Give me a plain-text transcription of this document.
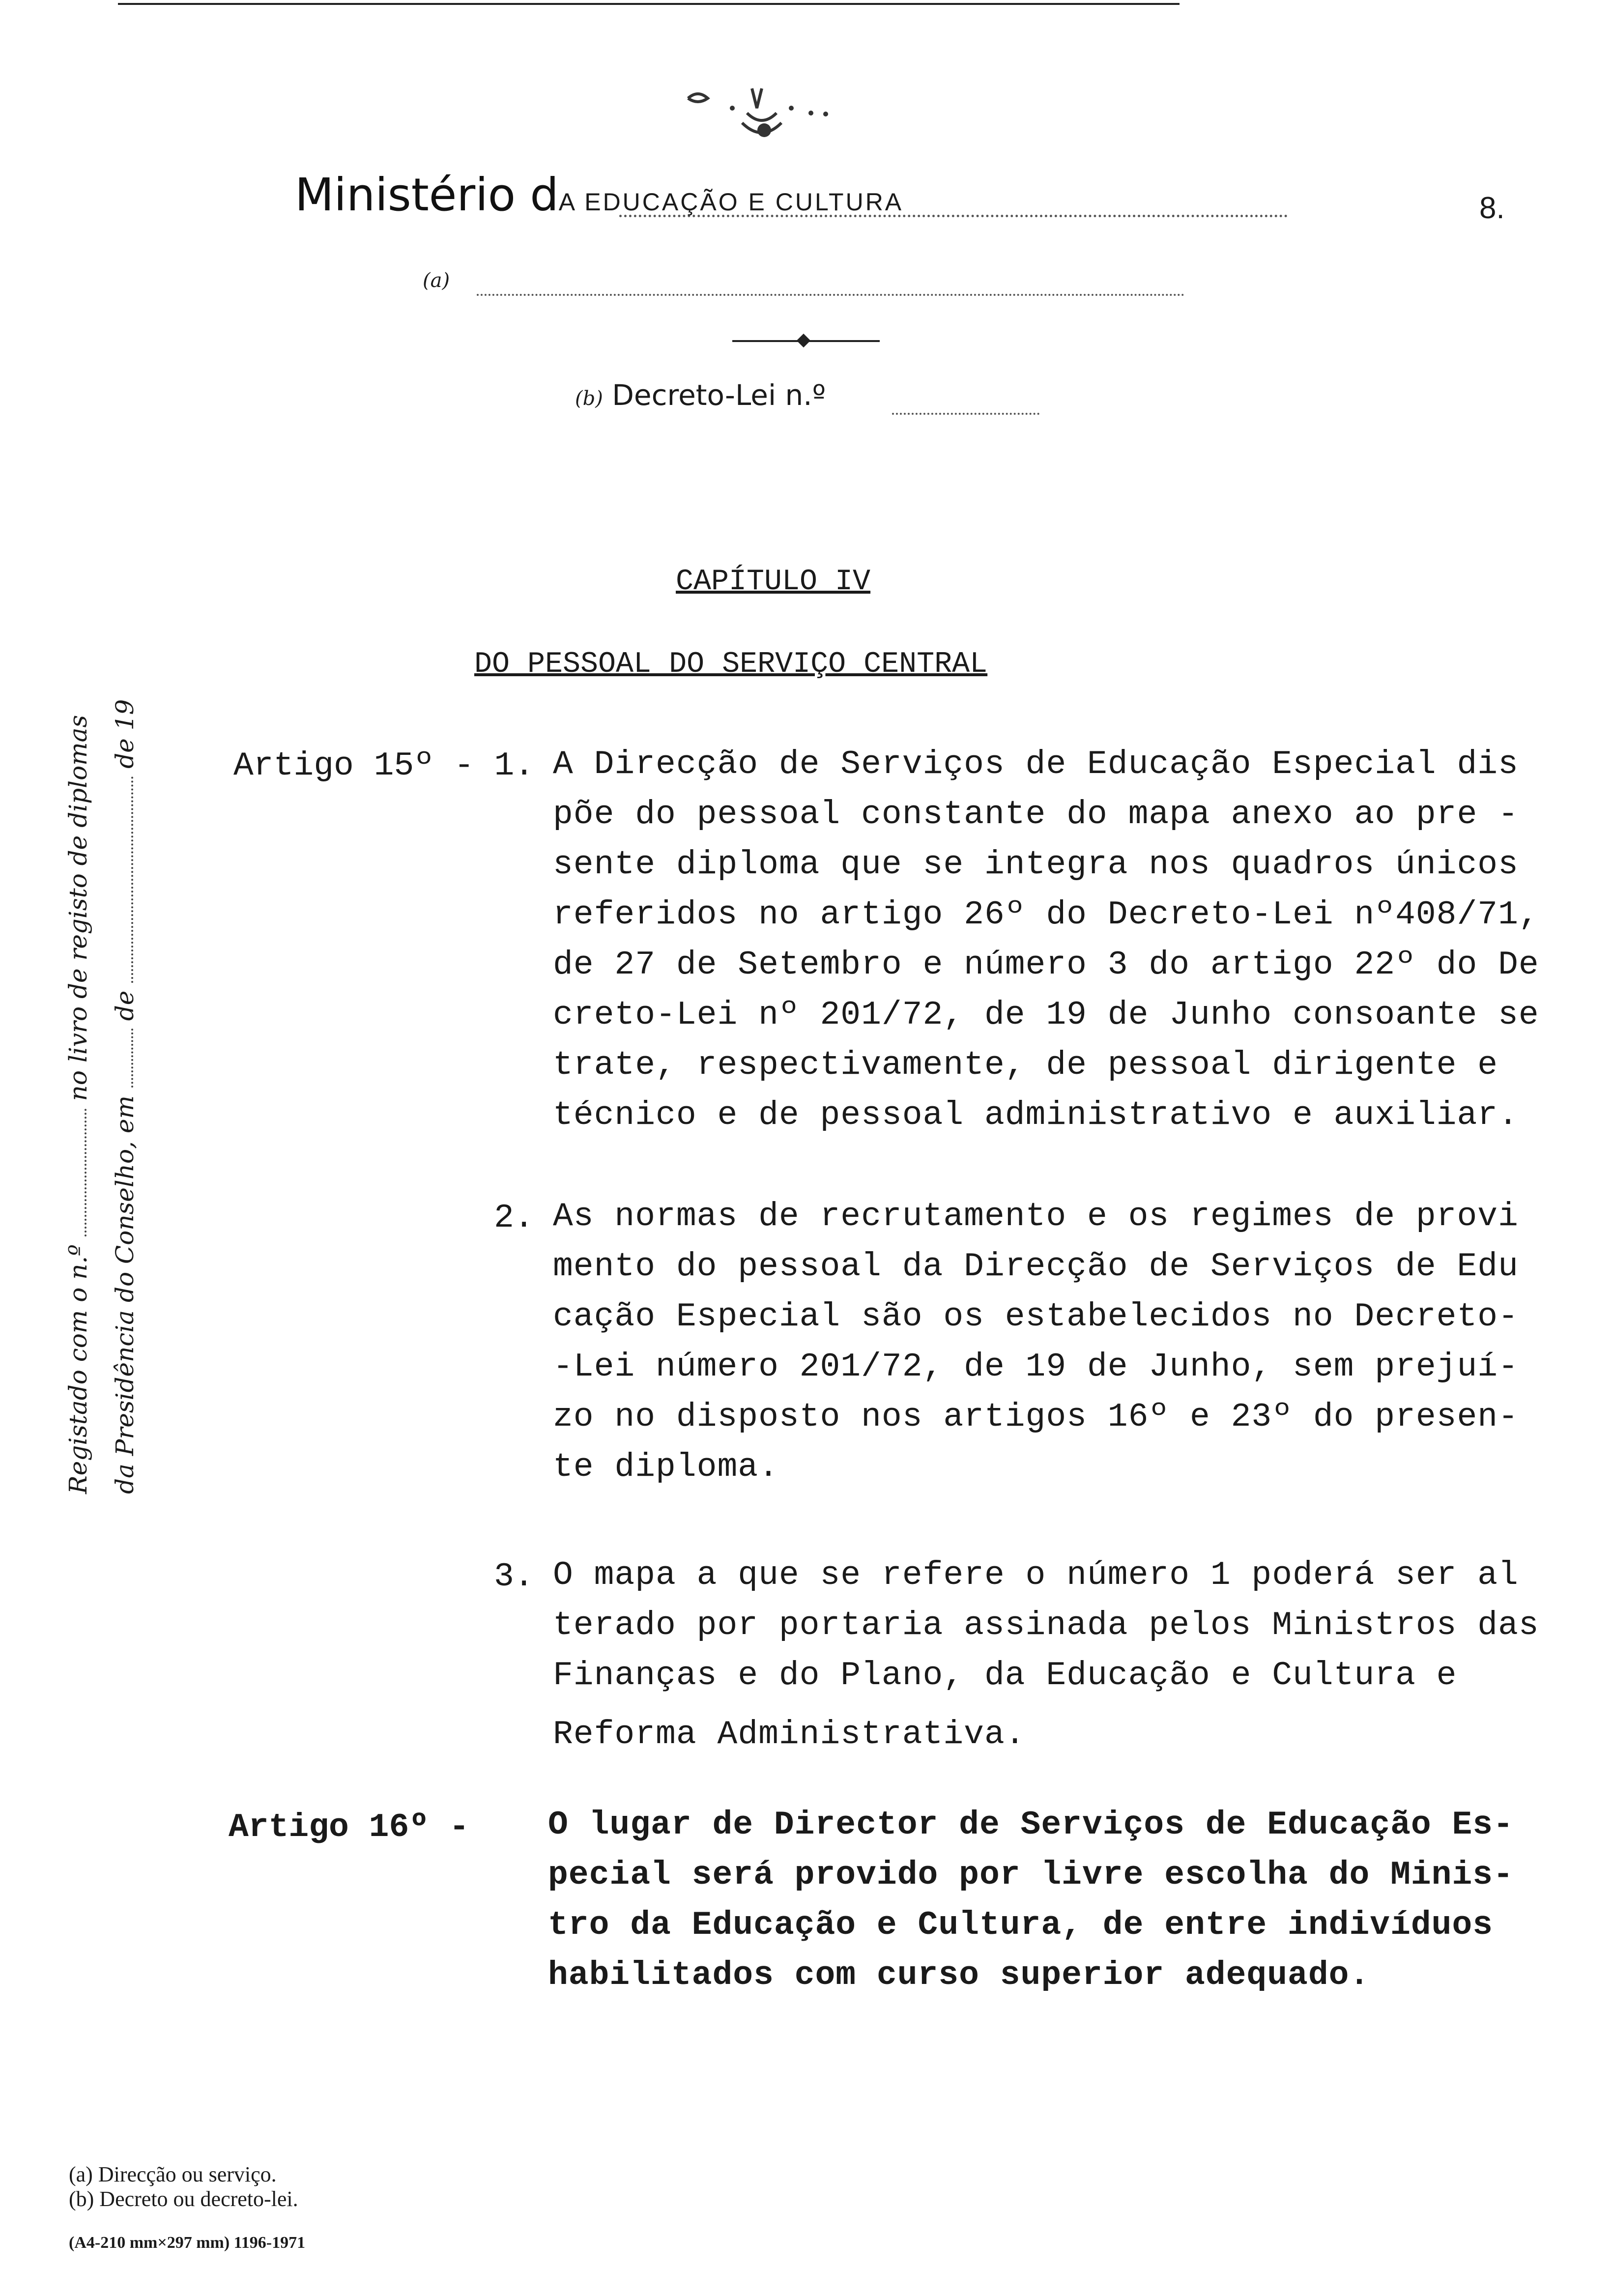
Ministério dA EDUCAÇÃO E CULTURA	8.
(a)
(b) Decreto-Lei n.º
Registado com o n.º  no livro de registo de diplomas
da Presidência do Conselho, em  de  de 19
CAPÍTULO IV
DO PESSOAL DO SERVIÇO CENTRAL
Artigo 15º - 1. A Direcção de Serviços de Educação Especial dis
põe do pessoal constante do mapa anexo ao pre -
sente diploma que se integra nos quadros únicos
referidos no artigo 26º do Decreto-Lei nº408/71,
de 27 de Setembro e número 3 do artigo 22º do De
creto-Lei nº 201/72, de 19 de Junho consoante se
trate, respectivamente, de pessoal dirigente e
técnico e de pessoal administrativo e auxiliar.
2. As normas de recrutamento e os regimes de provi
mento do pessoal da Direcção de Serviços de Edu
cação Especial são os estabelecidos no Decreto-
-Lei número 201/72, de 19 de Junho, sem prejuí-
zo no disposto nos artigos 16º e 23º do presen-
te diploma.
3. O mapa a que se refere o número 1 poderá ser al
terado por portaria assinada pelos Ministros das
Finanças e do Plano, da Educação e Cultura e
Reforma Administrativa.
Artigo 16º - O lugar de Director de Serviços de Educação Es-
pecial será provido por livre escolha do Minis-
tro da Educação e Cultura, de entre indivíduos
habilitados com curso superior adequado.
(a) Direcção ou serviço.
(b) Decreto ou decreto-lei.
(A4-210 mm×297 mm) 1196-1971
